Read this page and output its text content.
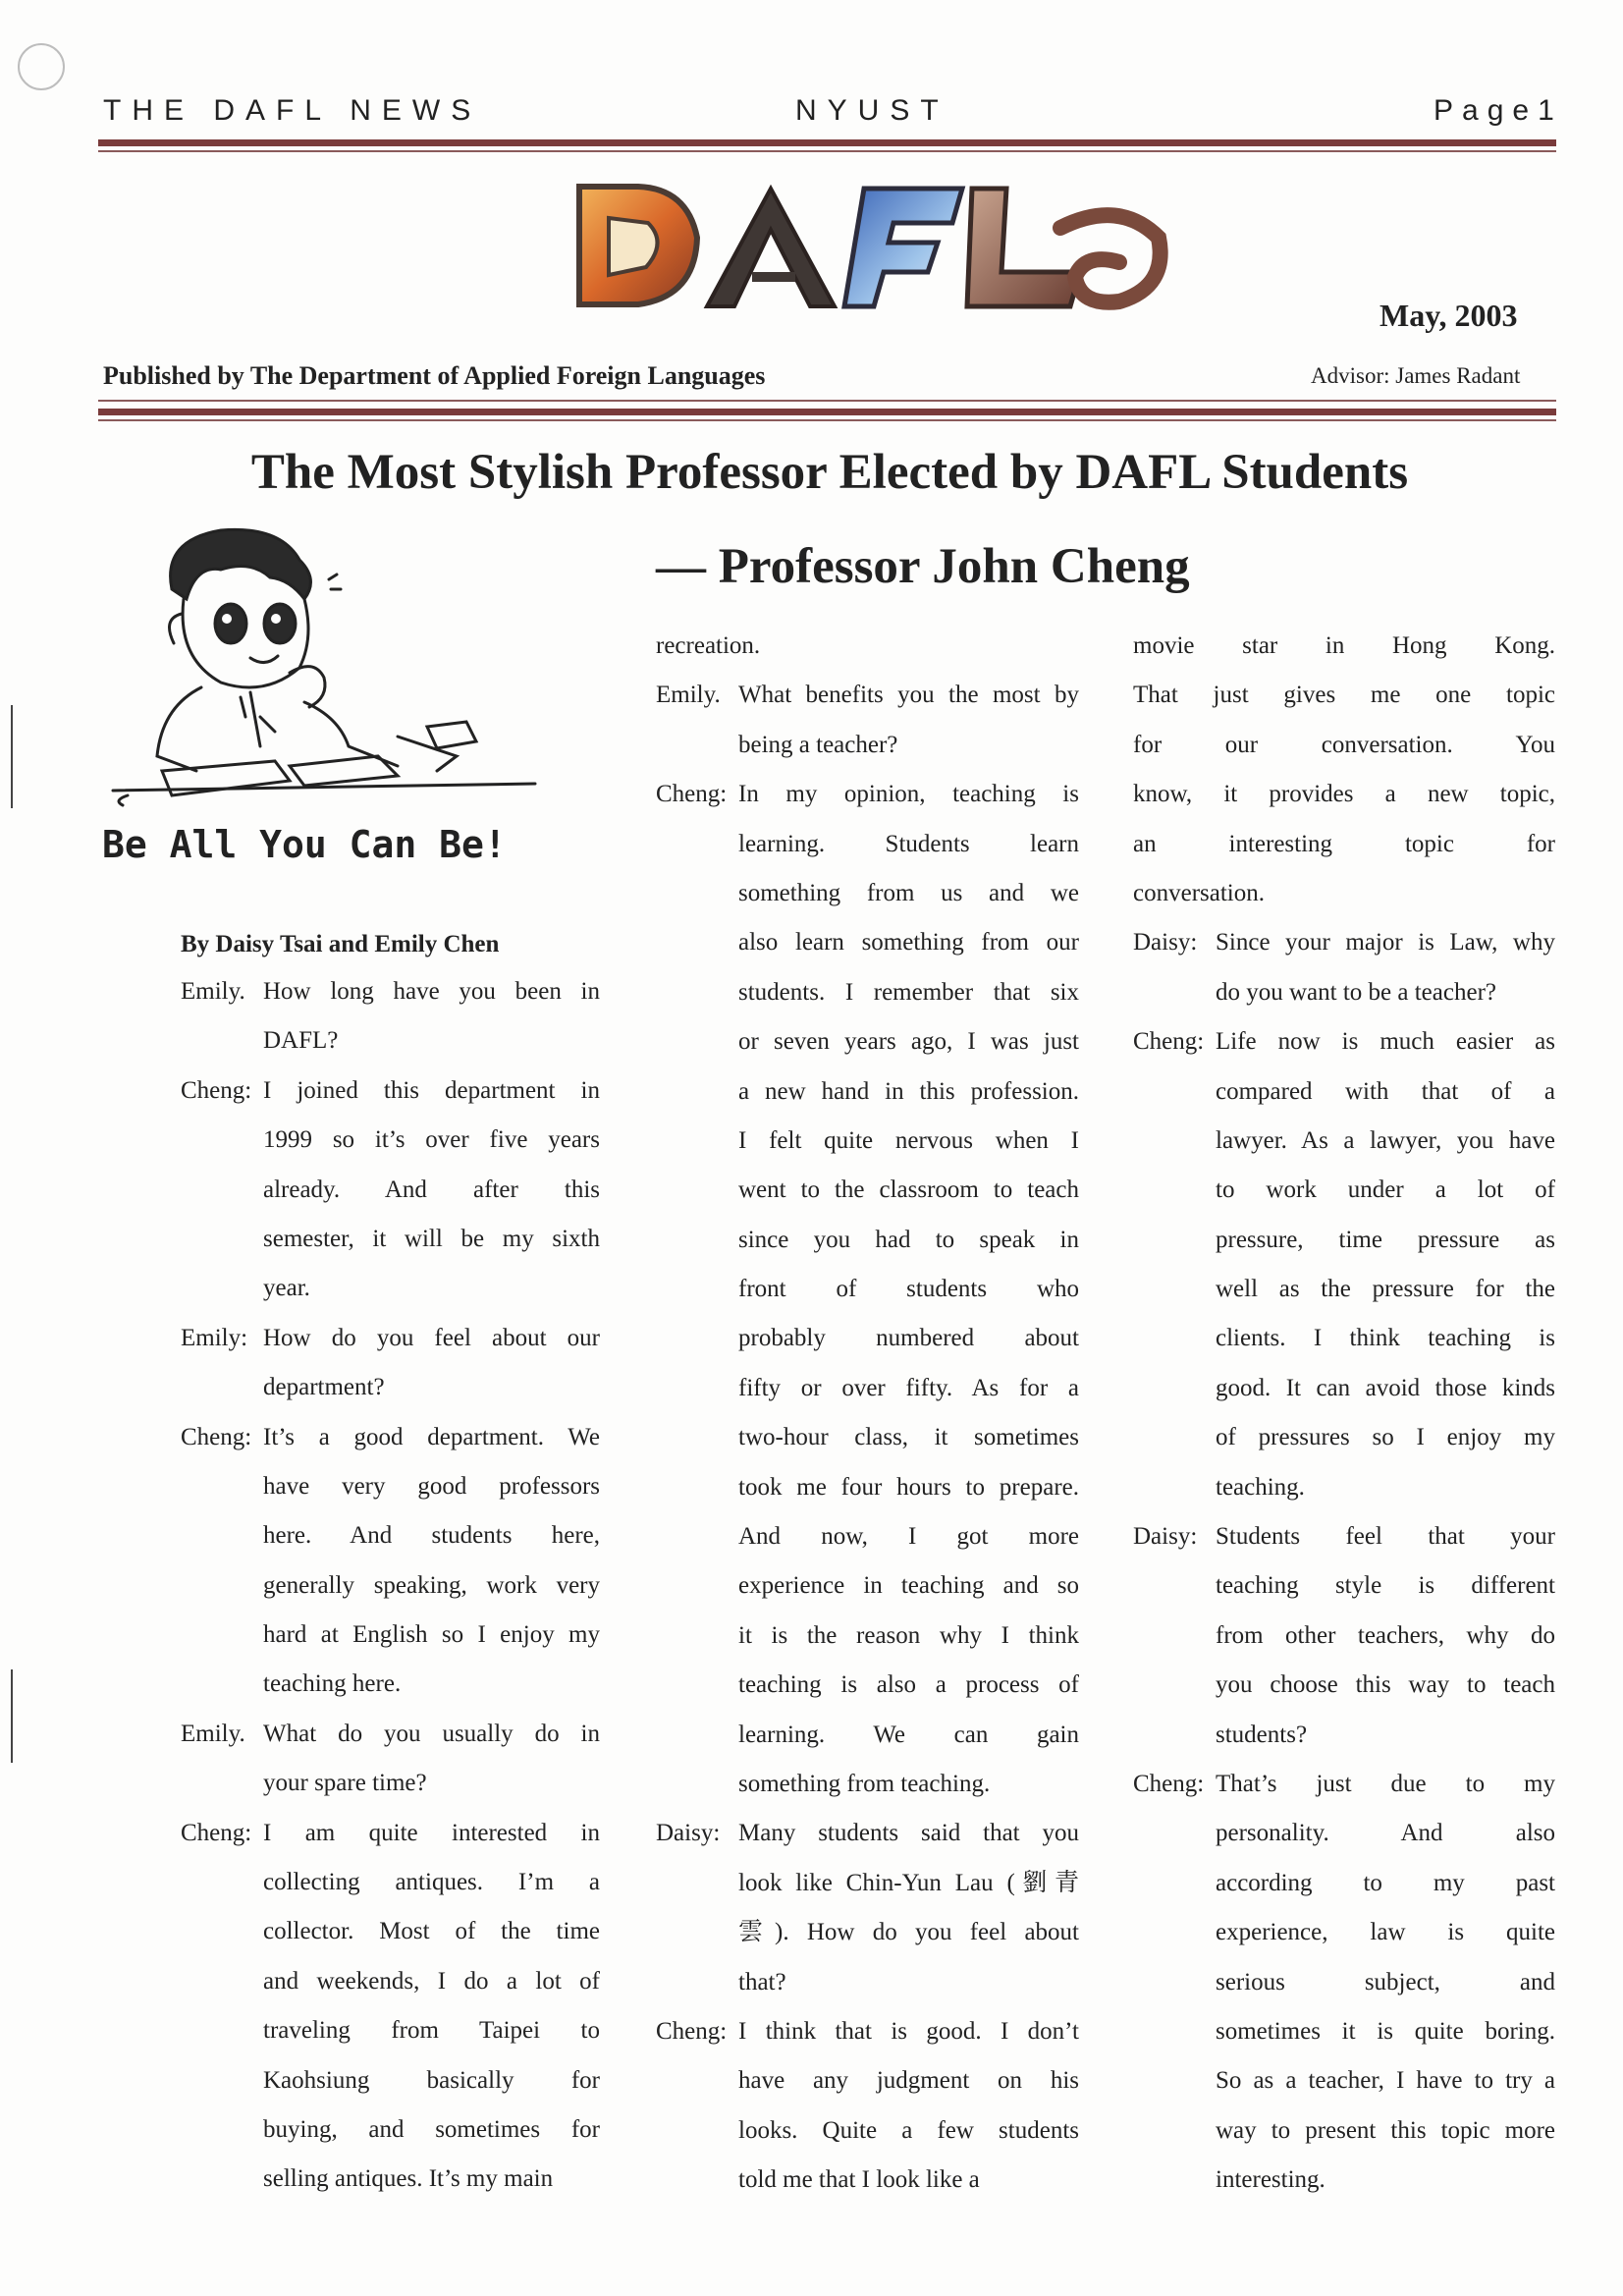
THE DAFL NEWS	NYUST	Page1
May, 2003
Published by The Department of Applied Foreign Languages	Advisor: James Radant
The Most Stylish Professor Elected by DAFL Students
— Professor John Cheng
Be All You Can Be!
By Daisy Tsai and Emily Chen
Emily. How long have you been in
DAFL?
Cheng: I joined this department in
1999 so it’s over five years
already. And after this
semester, it will be my sixth
year.
Emily: How do you feel about our
department?
Cheng: It’s a good department. We
have very good professors
here. And students here,
generally speaking, work very
hard at English so I enjoy my
teaching here.
Emily. What do you usually do in
your spare time?
Cheng: I am quite interested in
collecting antiques. I’m a
collector. Most of the time
and weekends, I do a lot of
traveling from Taipei to
Kaohsiung basically for
buying, and sometimes for
selling antiques. It’s my main
recreation.
Emily. What benefits you the most by
being a teacher?
Cheng: In my opinion, teaching is
learning. Students learn
something from us and we
also learn something from our
students. I remember that six
or seven years ago, I was just
a new hand in this profession.
I felt quite nervous when I
went to the classroom to teach
since you had to speak in
front of students who
probably numbered about
fifty or over fifty. As for a
two-hour class, it sometimes
took me four hours to prepare.
And now, I got more
experience in teaching and so
it is the reason why I think
teaching is also a process of
learning. We can gain
something from teaching.
Daisy: Many students said that you
look like Chin-Yun Lau (劉青
雲). How do you feel about
that?
Cheng: I think that is good. I don’t
have any judgment on his
looks. Quite a few students
told me that I look like a
movie star in Hong Kong.
That just gives me one topic
for our conversation. You
know, it provides a new topic,
an interesting topic for
conversation.
Daisy: Since your major is Law, why
do you want to be a teacher?
Cheng: Life now is much easier as
compared with that of a
lawyer. As a lawyer, you have
to work under a lot of
pressure, time pressure as
well as the pressure for the
clients. I think teaching is
good. It can avoid those kinds
of pressures so I enjoy my
teaching.
Daisy: Students feel that your
teaching style is different
from other teachers, why do
you choose this way to teach
students?
Cheng: That’s just due to my
personality. And also
according to my past
experience, law is quite
serious subject, and
sometimes it is quite boring.
So as a teacher, I have to try a
way to present this topic more
interesting.
